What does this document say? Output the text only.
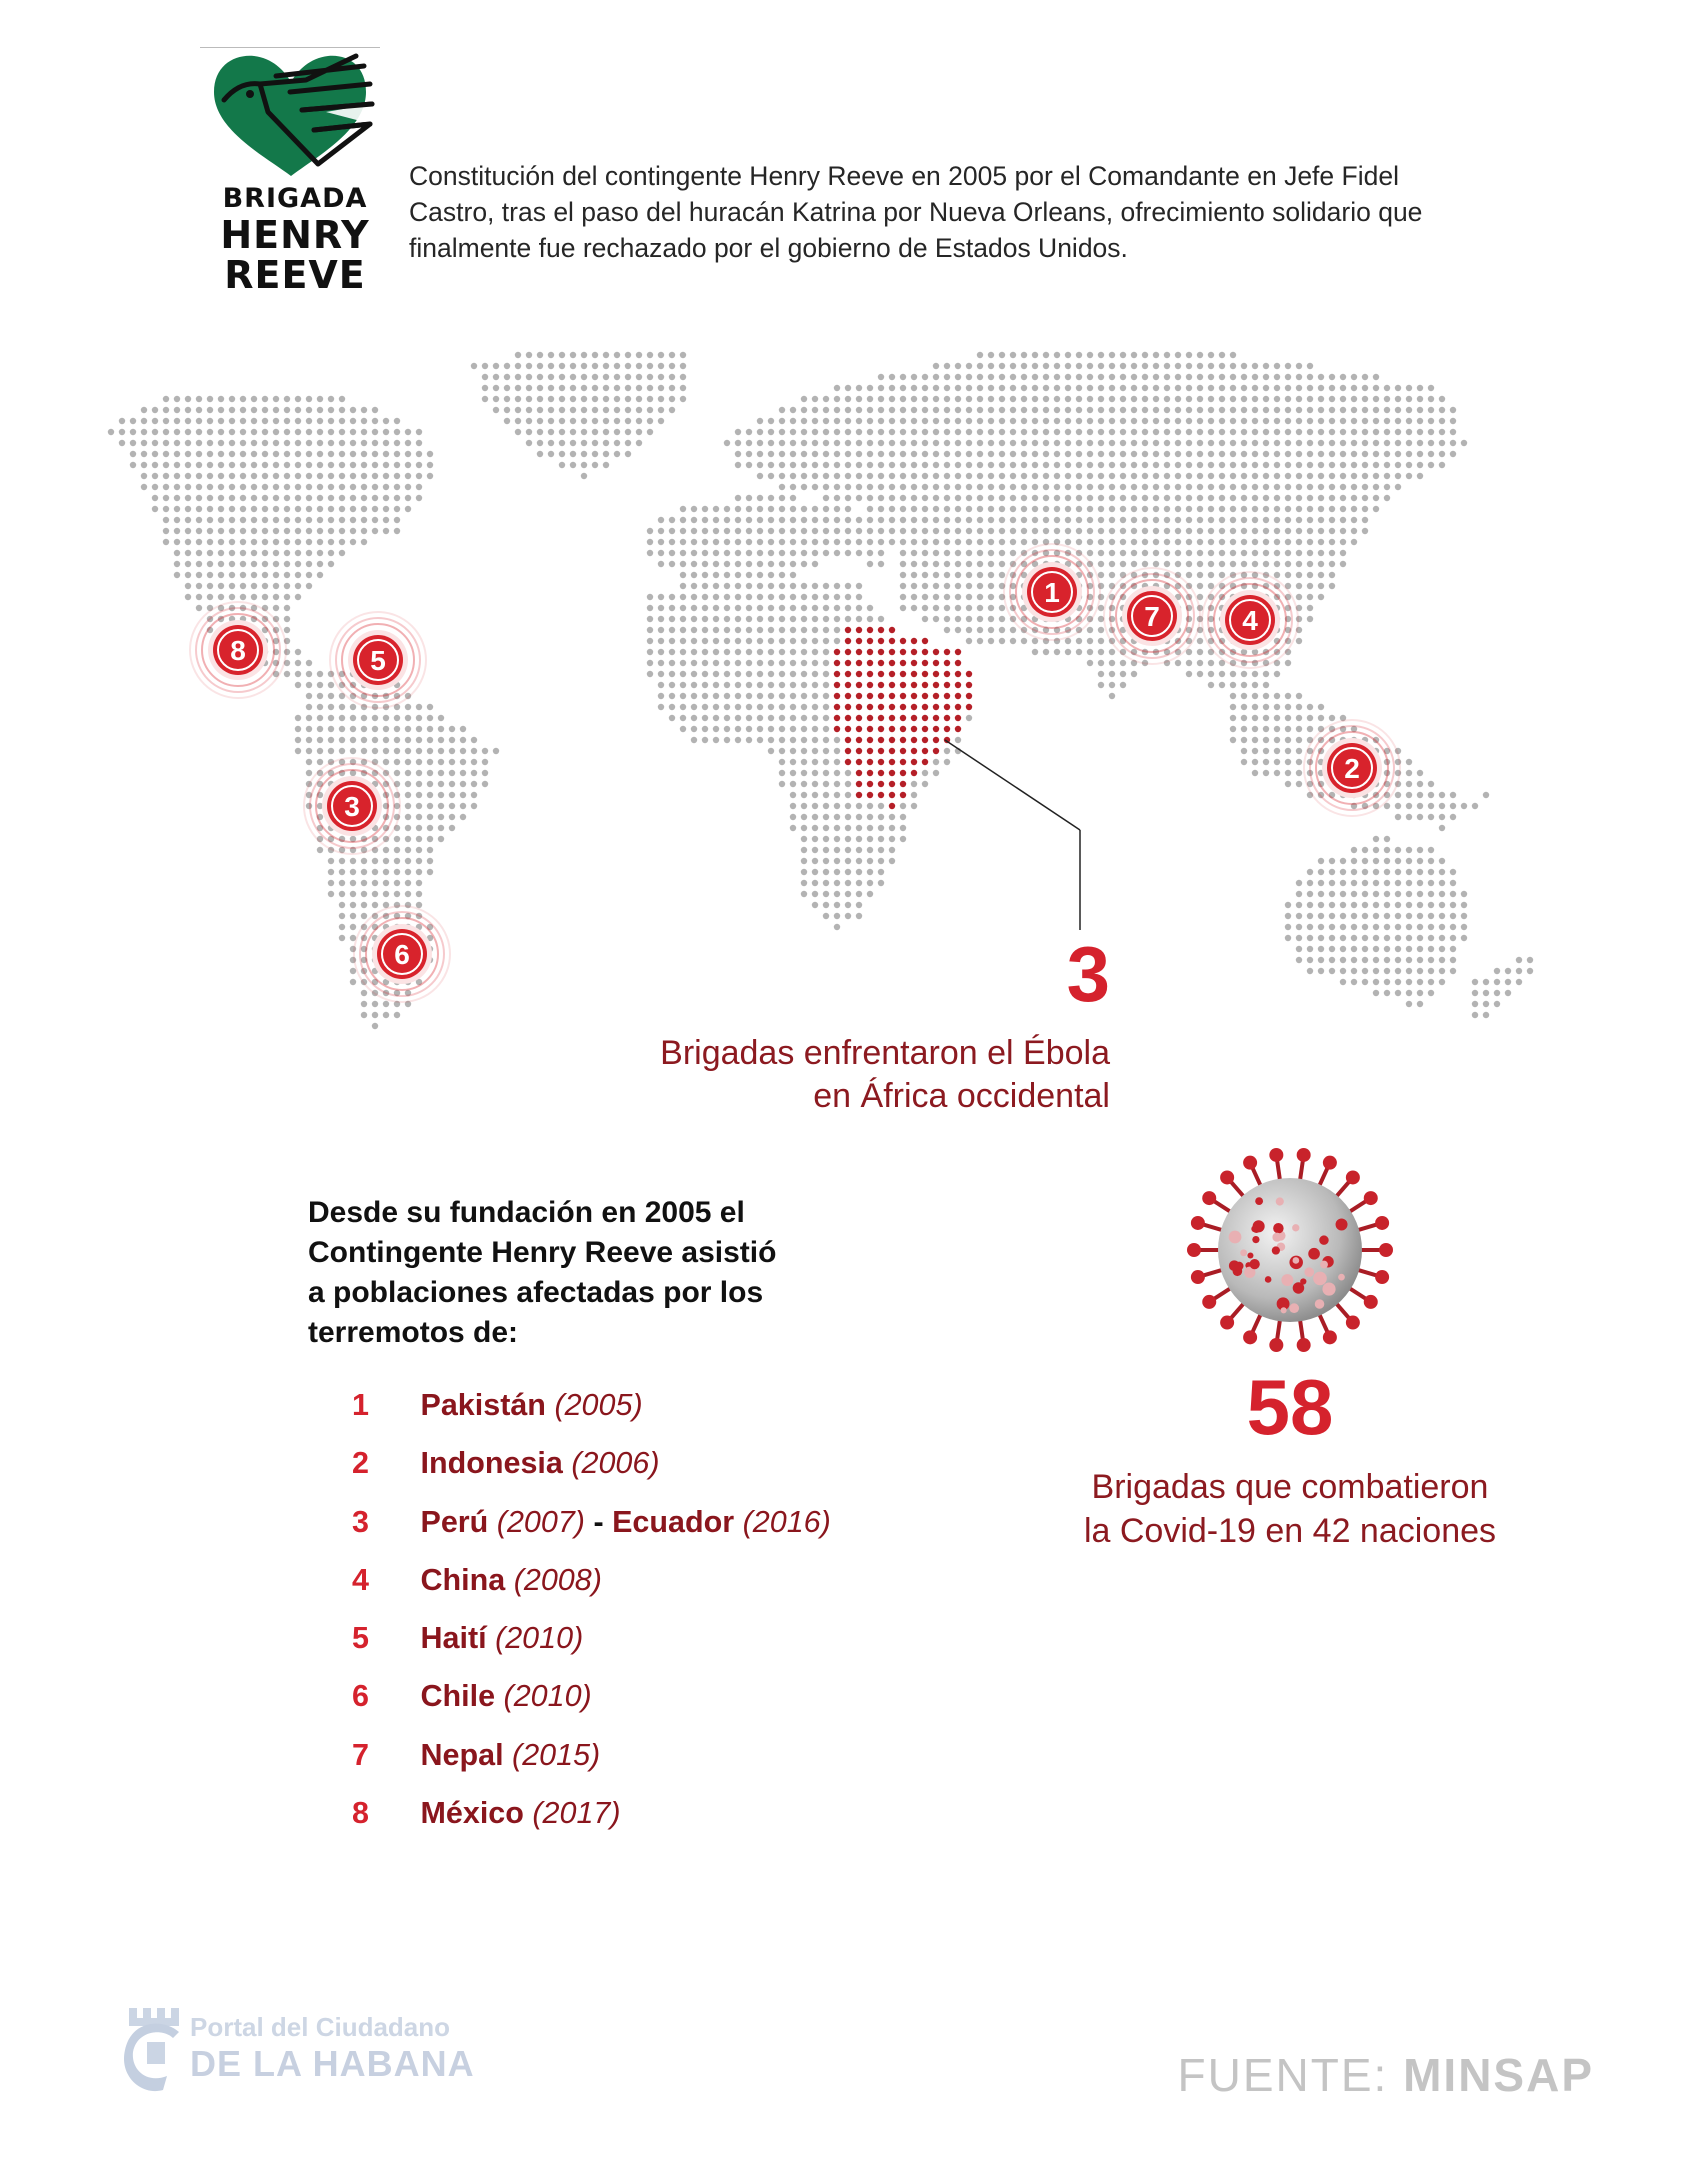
BRIGADA
HENRY
REEVE
Constitución del contingente Henry Reeve en 2005 por el Comandante en Jefe Fidel Castro, tras el paso del huracán Katrina por Nueva Orleans, ofrecimiento solidario que finalmente fue rechazado por el gobierno de Estados Unidos.
1
7	4
2
8	5
3
6	3
Brigadas enfrentaron el Ébola
en África occidental
Desde su fundación en 2005 el
Contingente Henry Reeve asistió
a poblaciones afectadas por los
terremotos de:
1 Pakistán (2005)
2 Indonesia (2006)
3 Perú (2007) - Ecuador (2016)
4 China (2008)
5 Haití (2010)
6 Chile (2010)
7 Nepal (2015)
8 México (2017)
58
Brigadas que combatieron
la Covid-19 en 42 naciones
Portal del Ciudadano
DE LA HABANA	FUENTE: MINSAP
